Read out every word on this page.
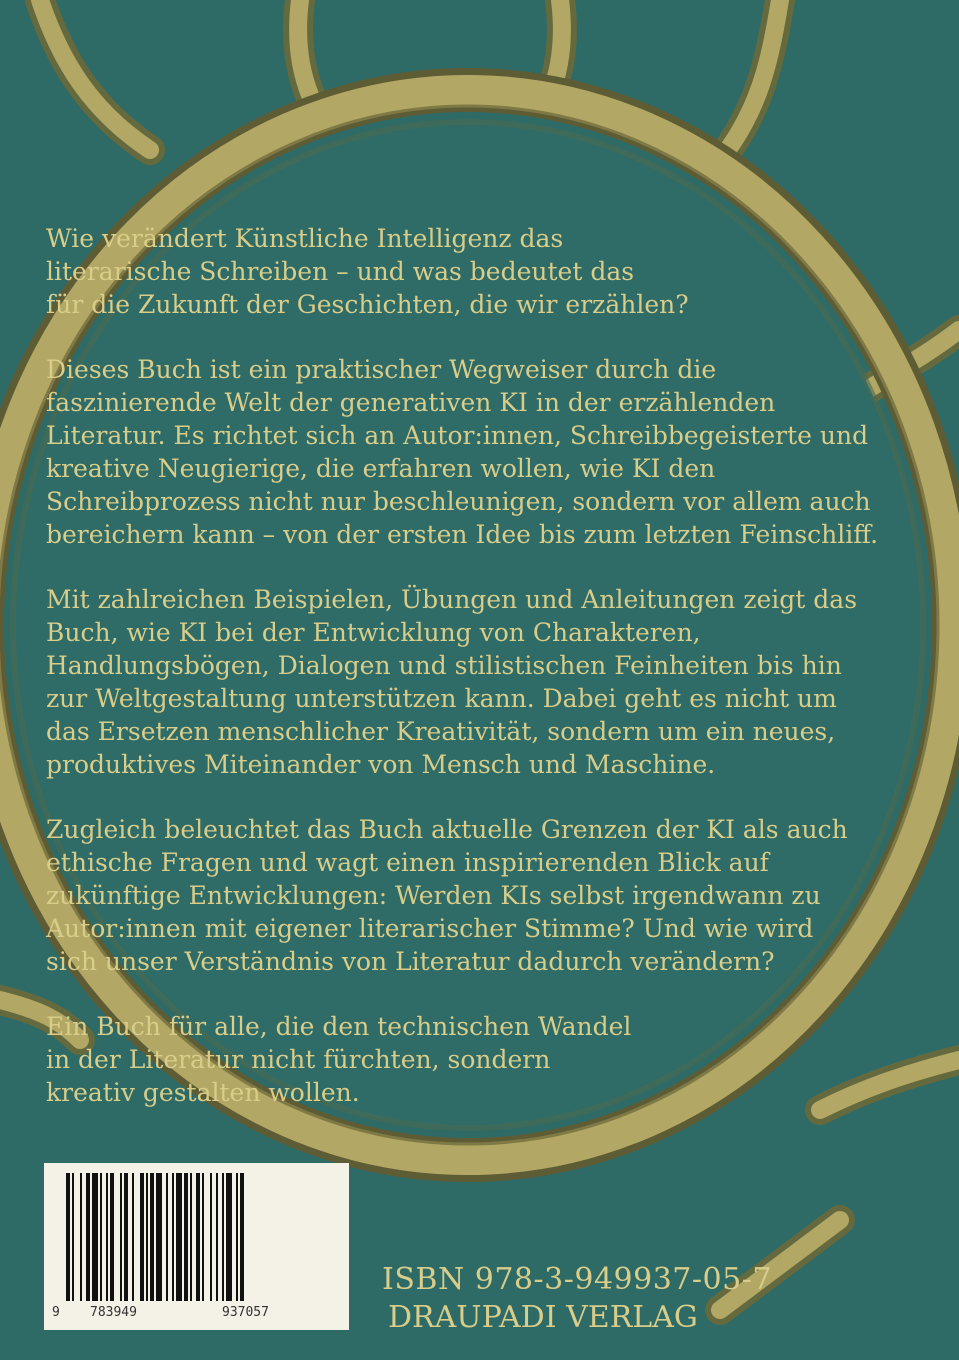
Wie verändert Künstliche Intelligenz das
literarische Schreiben – und was bedeutet das
für die Zukunft der Geschichten, die wir erzählen?

Dieses Buch ist ein praktischer Wegweiser durch die
faszinierende Welt der generativen KI in der erzählenden
Literatur. Es richtet sich an Autor:innen, Schreibbegeisterte und
kreative Neugierige, die erfahren wollen, wie KI den
Schreibprozess nicht nur beschleunigen, sondern vor allem auch
bereichern kann – von der ersten Idee bis zum letzten Feinschliff.

Mit zahlreichen Beispielen, Übungen und Anleitungen zeigt das
Buch, wie KI bei der Entwicklung von Charakteren,
Handlungsbögen, Dialogen und stilistischen Feinheiten bis hin
zur Weltgestaltung unterstützen kann. Dabei geht es nicht um
das Ersetzen menschlicher Kreativität, sondern um ein neues,
produktives Miteinander von Mensch und Maschine.

Zugleich beleuchtet das Buch aktuelle Grenzen der KI als auch
ethische Fragen und wagt einen inspirierenden Blick auf
zukünftige Entwicklungen: Werden KIs selbst irgendwann zu
Autor:innen mit eigener literarischer Stimme? Und wie wird
sich unser Verständnis von Literatur dadurch verändern?

Ein Buch für alle, die den technischen Wandel
in der Literatur nicht fürchten, sondern
kreativ gestalten wollen.

9 783949	937057
ISBN 978-3-949937-05-7
DRAUPADI VERLAG
